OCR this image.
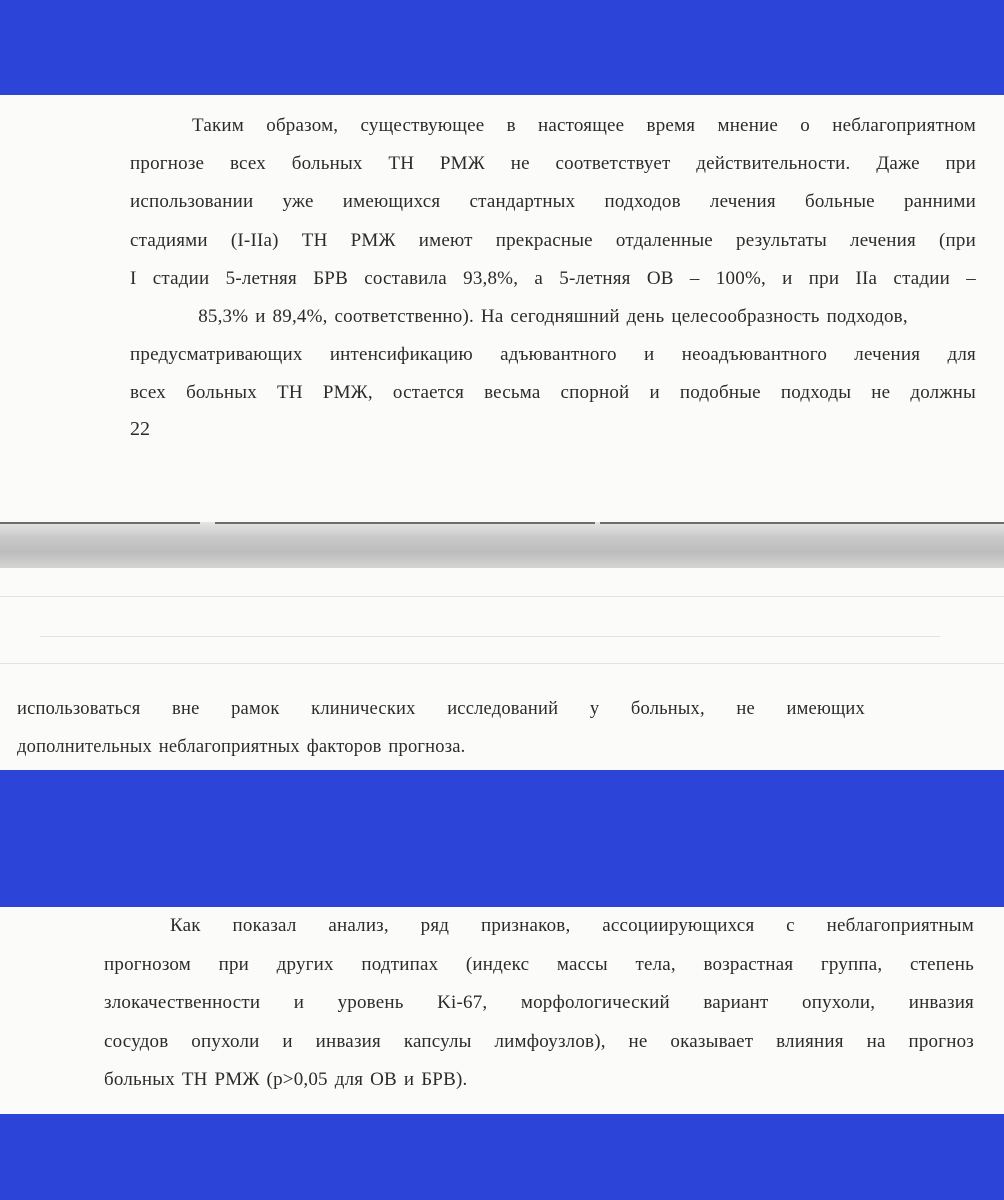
Таким образом, существующее в настоящее время мнение о неблагоприятном
прогнозе всех больных ТН РМЖ не соответствует действительности. Даже при
использовании уже имеющихся стандартных подходов лечения больные ранними
стадиями (I-IIa) ТН РМЖ имеют прекрасные отдаленные результаты лечения (при
I стадии 5-летняя БРВ составила 93,8%, а 5-летняя ОВ – 100%, и при IIa стадии –
85,3% и 89,4%, соответственно). На сегодняшний день целесообразность подходов,
предусматривающих интенсификацию адъювантного и неоадъювантного лечения для
всех больных ТН РМЖ, остается весьма спорной и подобные подходы не должны

22

использоваться вне рамок клинических исследований у больных, не имеющих
дополнительных неблагоприятных факторов прогноза.
Как показал анализ, ряд признаков, ассоциирующихся с неблагоприятным
прогнозом при других подтипах (индекс массы тела, возрастная группа, степень
злокачественности и уровень Ki-67, морфологический вариант опухоли, инвазия
сосудов опухоли и инвазия капсулы лимфоузлов), не оказывает влияния на прогноз
больных ТН РМЖ (p>0,05 для ОВ и БРВ).
